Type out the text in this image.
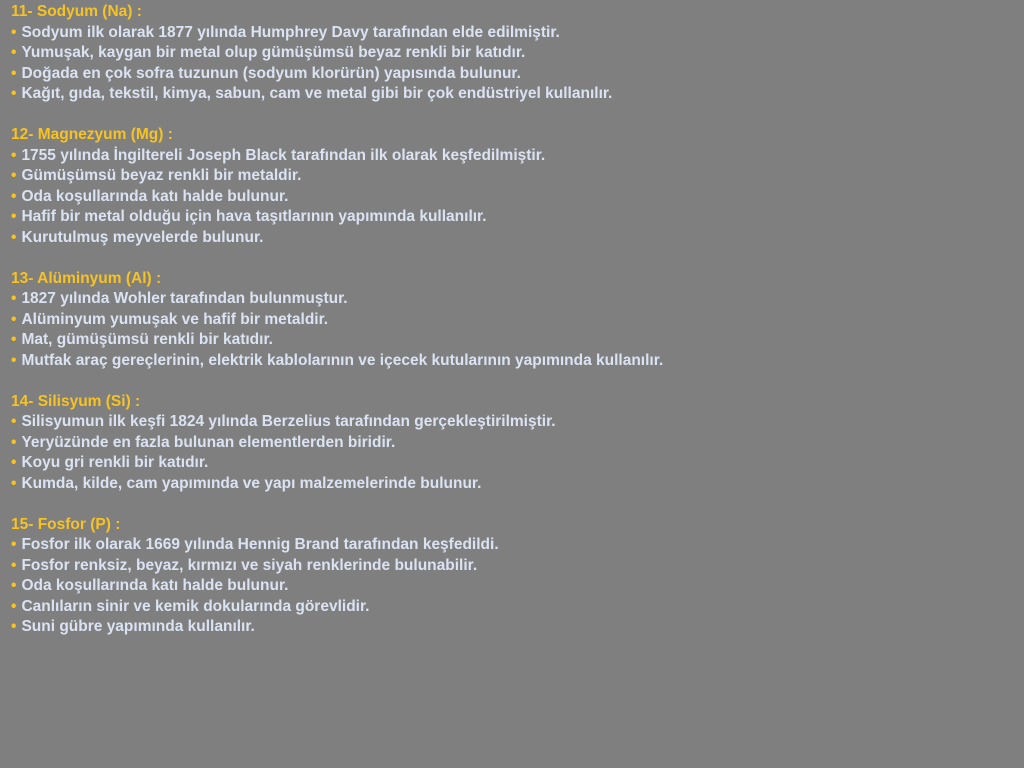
11- Sodyum (Na) :
• Sodyum ilk olarak 1877 yılında Humphrey Davy tarafından elde edilmiştir.
• Yumuşak, kaygan bir metal olup gümüşümsü beyaz renkli bir katıdır.
• Doğada en çok sofra tuzunun (sodyum klorürün) yapısında bulunur.
• Kağıt, gıda, tekstil, kimya, sabun, cam ve metal gibi bir çok endüstriyel kullanılır.
12- Magnezyum (Mg) :
• 1755 yılında İngiltereli Joseph Black tarafından ilk olarak keşfedilmiştir.
• Gümüşümsü beyaz renkli bir metaldir.
• Oda koşullarında katı halde bulunur.
• Hafif bir metal olduğu için hava taşıtlarının yapımında kullanılır.
• Kurutulmuş meyvelerde bulunur.
13- Alüminyum (Al) :
• 1827 yılında Wohler tarafından bulunmuştur.
• Alüminyum yumuşak ve hafif bir metaldir.
• Mat, gümüşümsü renkli bir katıdır.
• Mutfak araç gereçlerinin, elektrik kablolarının ve içecek kutularının yapımında kullanılır.
14- Silisyum (Si) :
• Silisyumun ilk keşfi 1824 yılında Berzelius tarafından gerçekleştirilmiştir.
• Yeryüzünde en fazla bulunan elementlerden biridir.
• Koyu gri renkli bir katıdır.
• Kumda, kilde, cam yapımında ve yapı malzemelerinde bulunur.
15- Fosfor (P) :
• Fosfor ilk olarak 1669 yılında Hennig Brand tarafından keşfedildi.
• Fosfor renksiz, beyaz, kırmızı ve siyah renklerinde bulunabilir.
• Oda koşullarında katı halde bulunur.
• Canlıların sinir ve kemik dokularında görevlidir.
• Suni gübre yapımında kullanılır.
